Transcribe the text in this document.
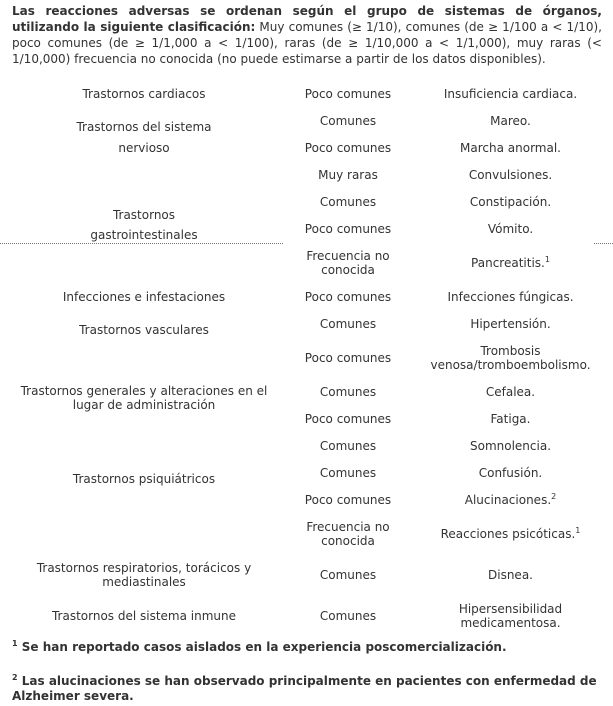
Las reacciones adversas se ordenan según el grupo de sistemas de órganos, utilizando la siguiente clasificación: Muy comunes (≥ 1/10), comunes (de ≥ 1/100 a < 1/10), poco comunes (de ≥ 1/1,000 a < 1/100), raras (de ≥ 1/10,000 a < 1/1,000), muy raras (< 1/10,000) frecuencia no conocida (no puede estimarse a partir de los datos disponibles).
Trastornos cardiacos	Poco comunes	Insuficiencia cardiaca.

Trastornos del sistema
nervioso	Comunes	Mareo.
	Poco comunes	Marcha anormal.
	Muy raras	Convulsiones.

Trastornos
gastrointestinales	Comunes	Constipación.
	Poco comunes	Vómito.
	Frecuencia no conocida	Pancreatitis.$^1$
Infecciones e infestaciones	Poco comunes	Infecciones fúngicas.
Trastornos vasculares	Comunes	Hipertensión.
	Poco comunes	Trombosis venosa/tromboembolismo.
Trastornos generales y alteraciones en el lugar de administración	Comunes	Cefalea.
	Poco comunes	Fatiga.
Trastornos psiquiátricos	Comunes	Somnolencia.
	Comunes	Confusión.
	Poco comunes	Alucinaciones.$^2$
	Frecuencia no conocida	Reacciones psicóticas.$^1$
Trastornos respiratorios, torácicos y mediastinales	Comunes	Disnea.
Trastornos del sistema inmune	Comunes	Hipersensibilidad medicamentosa.
$^1$ Se han reportado casos aislados en la experiencia poscomercialización.
$^2$ Las alucinaciones se han observado principalmente en pacientes con enfermedad de Alzheimer severa.
